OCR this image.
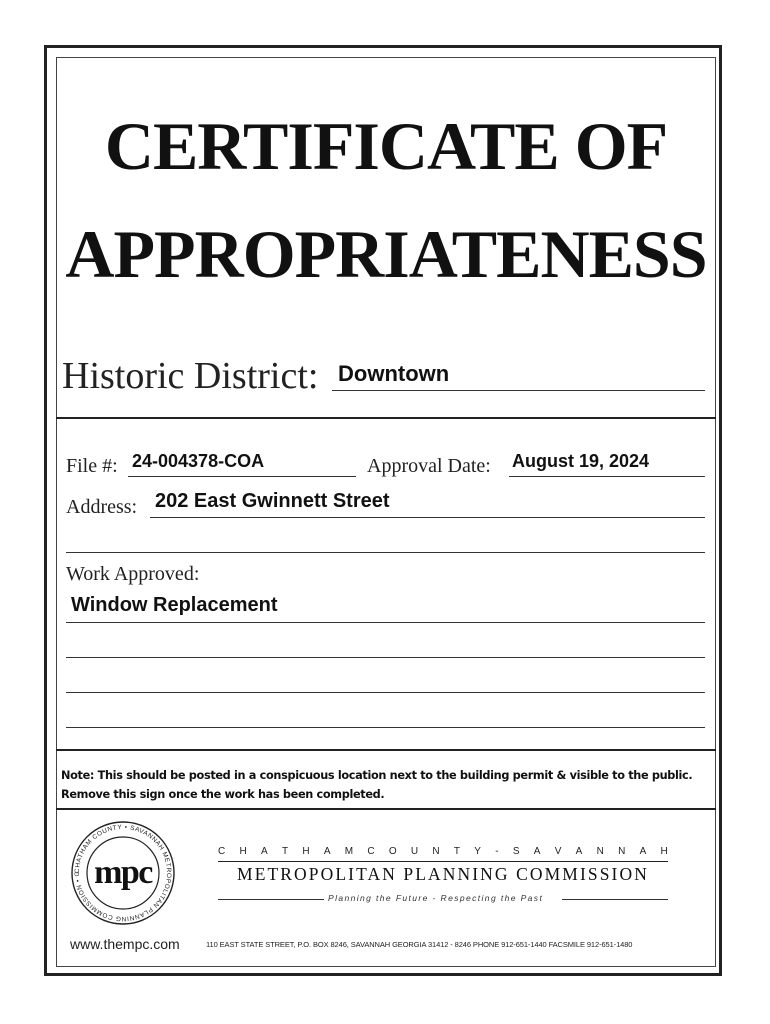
CERTIFICATE OF
APPROPRIATENESS
Historic District: Downtown
File #: 24-004378-COA	Approval Date: August 19, 2024
Address: 202 East Gwinnett Street
Work Approved:
Window Replacement
Note: This should be posted in a conspicuous location next to the building permit & visible to the public.
Remove this sign once the work has been completed.
CHATHAM COUNTY • SAVANNAH METROPOLITAN PLANNING COMMISSION • G mpc
C H A T H A M C O U N T Y - S A V A N N A H
METROPOLITAN PLANNING COMMISSION
Planning the Future - Respecting the Past
www.thempc.com	110 EAST STATE STREET, P.O. BOX 8246, SAVANNAH GEORGIA 31412 - 8246 PHONE 912-651-1440 FACSMILE 912-651-1480
